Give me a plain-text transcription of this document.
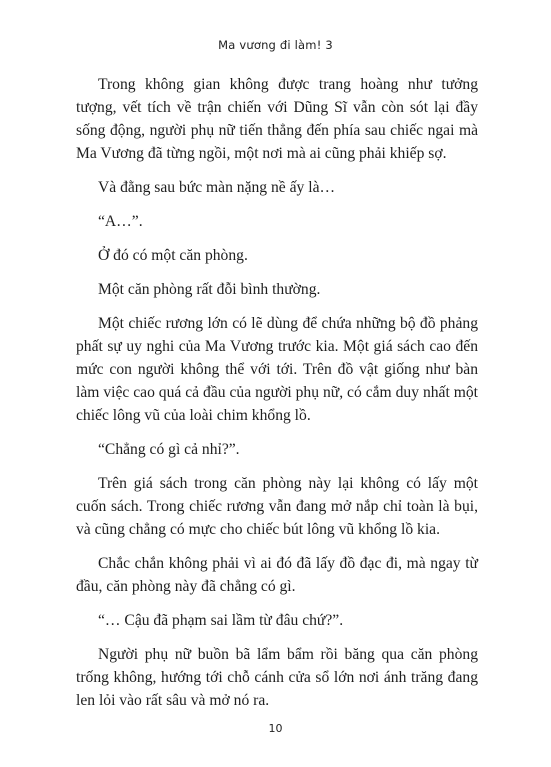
Ma vương đi làm! 3

Trong không gian không được trang hoàng như tưởng tượng, vết tích về trận chiến với Dũng Sĩ vẫn còn sót lại đầy sống động, người phụ nữ tiến thẳng đến phía sau chiếc ngai mà Ma Vương đã từng ngồi, một nơi mà ai cũng phải khiếp sợ.

Và đằng sau bức màn nặng nề ấy là…

“A…”.

Ở đó có một căn phòng.

Một căn phòng rất đỗi bình thường.

Một chiếc rương lớn có lẽ dùng để chứa những bộ đồ phảng phất sự uy nghi của Ma Vương trước kia. Một giá sách cao đến mức con người không thể với tới. Trên đồ vật giống như bàn làm việc cao quá cả đầu của người phụ nữ, có cắm duy nhất một chiếc lông vũ của loài chim khổng lồ.

“Chẳng có gì cả nhỉ?”.

Trên giá sách trong căn phòng này lại không có lấy một cuốn sách. Trong chiếc rương vẫn đang mở nắp chỉ toàn là bụi, và cũng chẳng có mực cho chiếc bút lông vũ khổng lồ kia.

Chắc chắn không phải vì ai đó đã lấy đồ đạc đi, mà ngay từ đầu, căn phòng này đã chẳng có gì.

“… Cậu đã phạm sai lầm từ đâu chứ?”.

Người phụ nữ buồn bã lẩm bẩm rồi băng qua căn phòng trống không, hướng tới chỗ cánh cửa sổ lớn nơi ánh trăng đang len lỏi vào rất sâu và mở nó ra.

10
